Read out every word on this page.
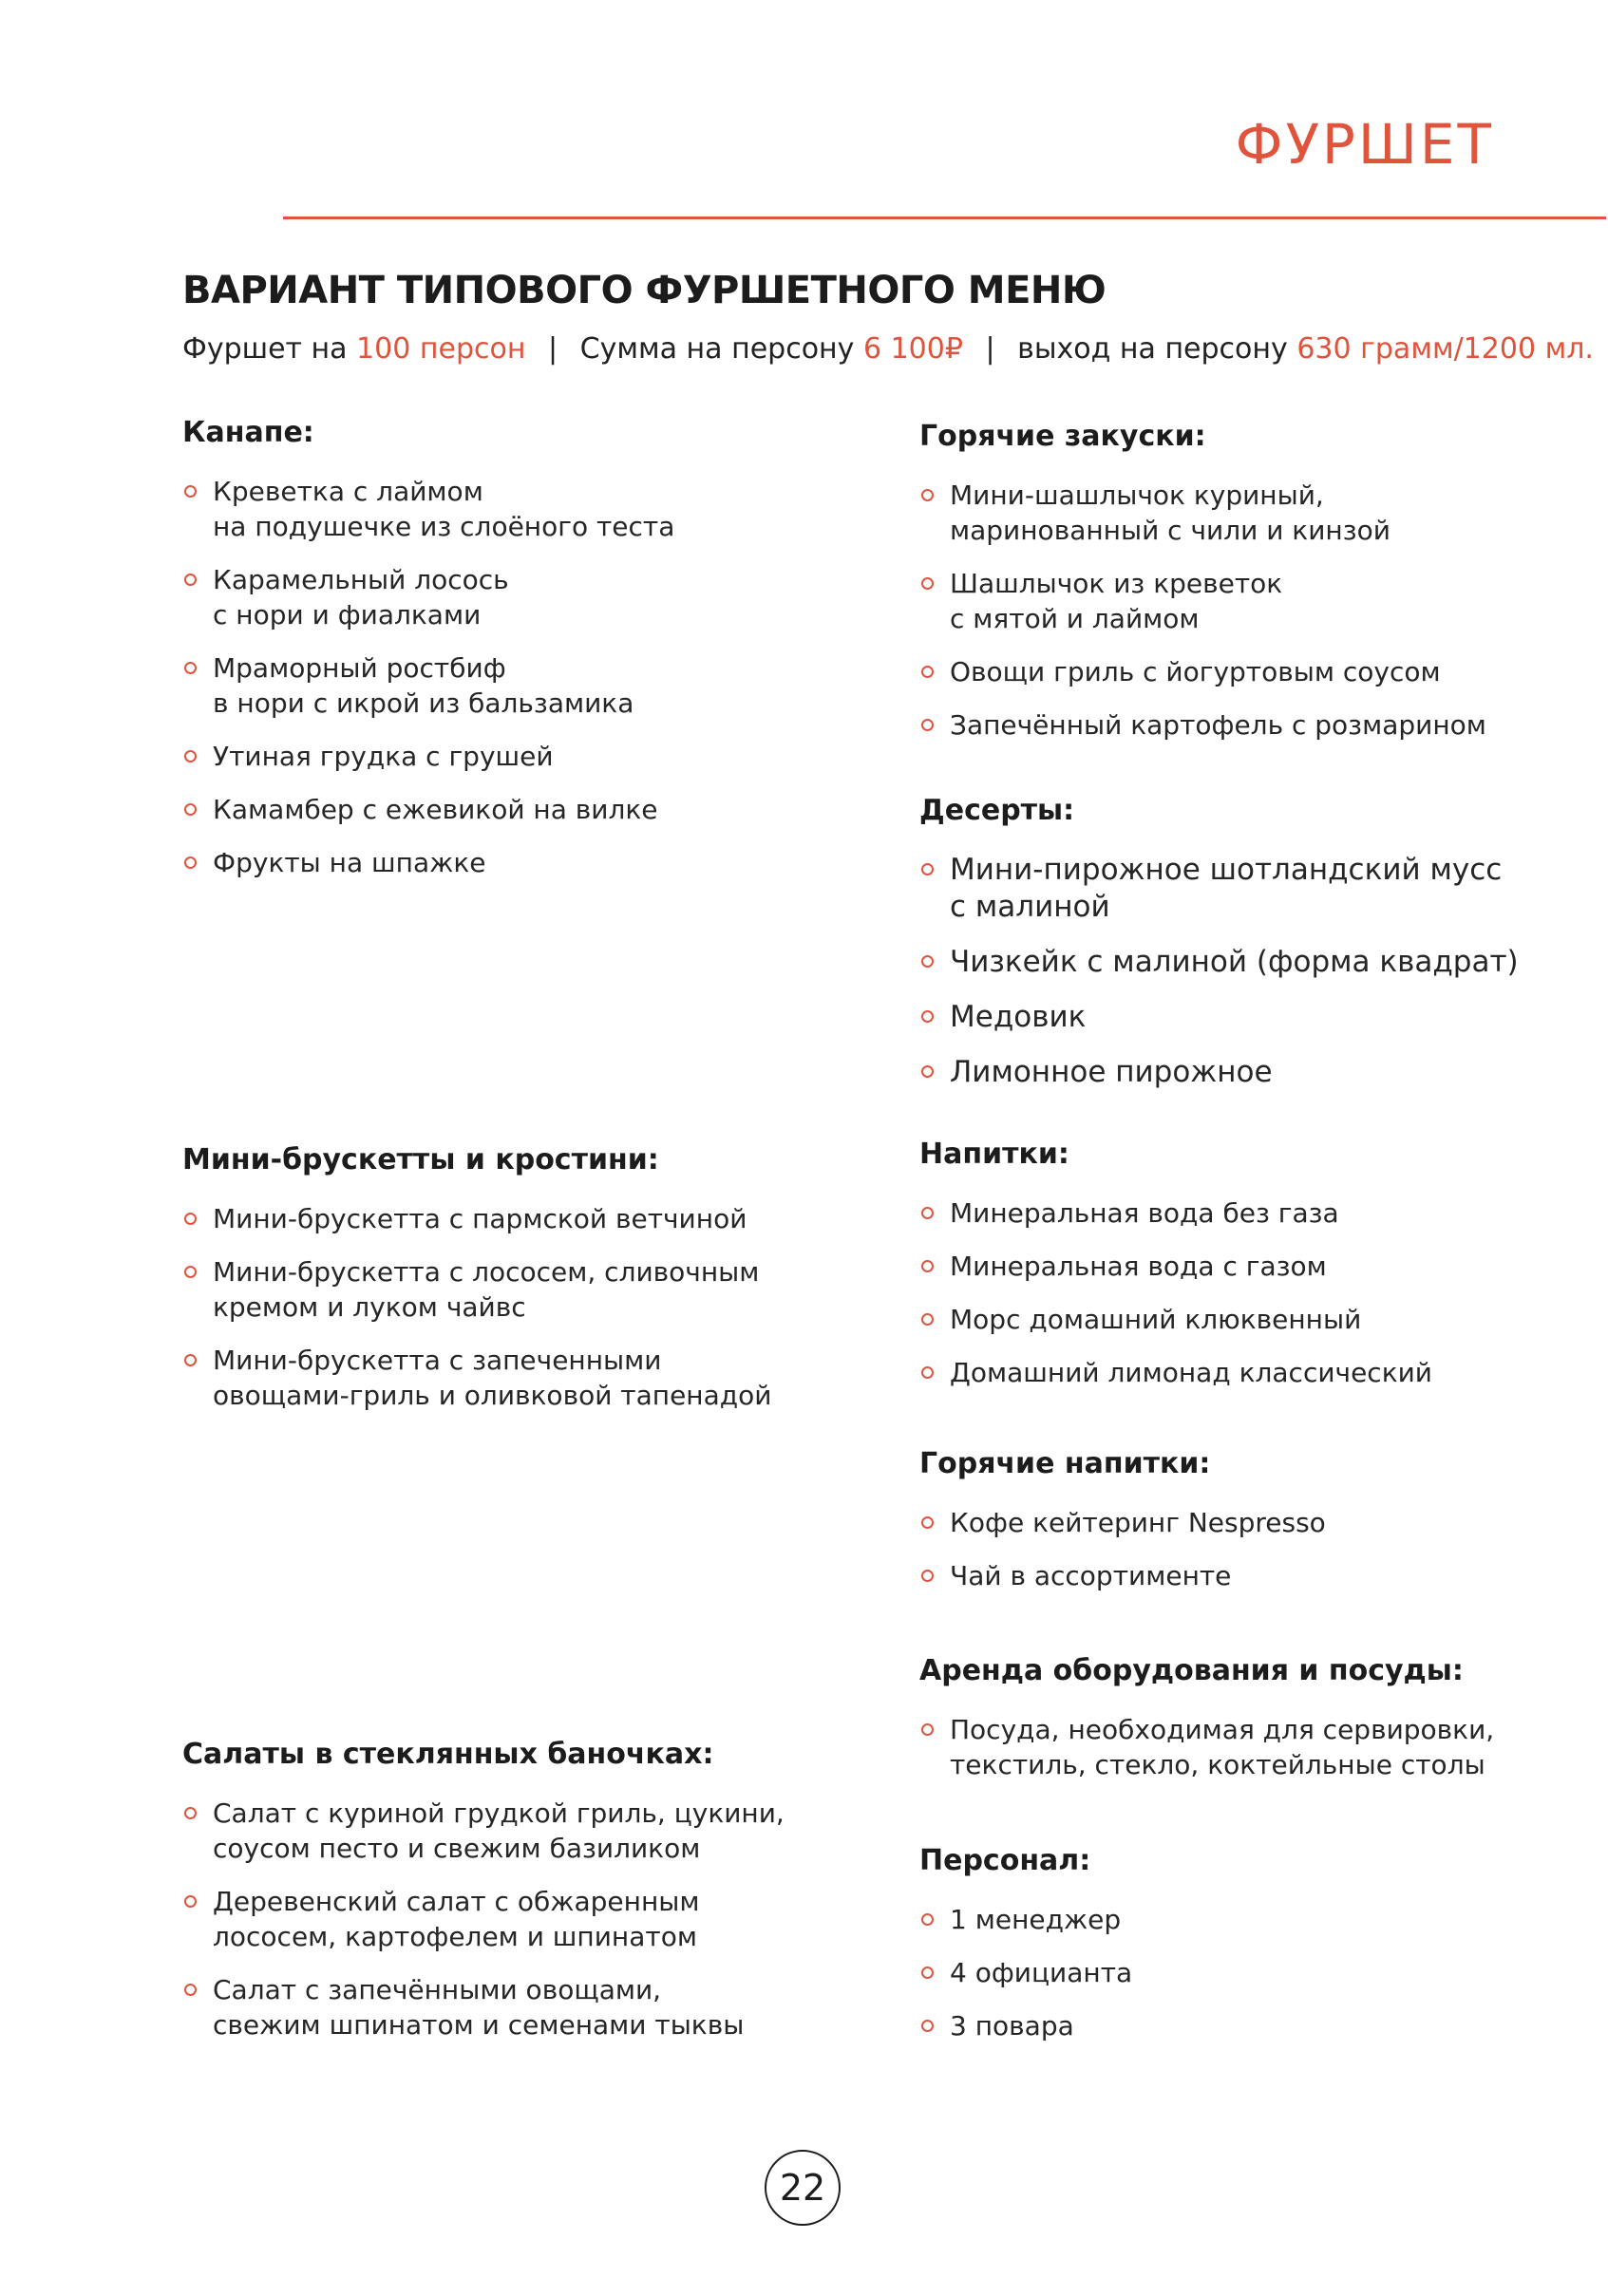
ФУРШЕТ
ВАРИАНТ ТИПОВОГО ФУРШЕТНОГО МЕНЮ
Фуршет на 100 персон | Сумма на персону 6 100₽ | выход на персону 630 грамм/1200 мл.
Канапе:
Креветка с лаймом
на подушечке из слоёного теста
Карамельный лосось
с нори и фиалками
Мраморный ростбиф
в нори с икрой из бальзамика
Утиная грудка с грушей
Камамбер с ежевикой на вилке
Фрукты на шпажке
Мини-брускетты и кростини:
Мини-брускетта с пармской ветчиной
Мини-брускетта с лососем, сливочным
кремом и луком чайвс
Мини-брускетта с запеченными
овощами-гриль и оливковой тапенадой
Салаты в стеклянных баночках:
Салат с куриной грудкой гриль, цукини,
соусом песто и свежим базиликом
Деревенский салат с обжаренным
лососем, картофелем и шпинатом
Салат с запечёнными овощами,
свежим шпинатом и семенами тыквы
Горячие закуски:
Мини-шашлычок куриный,
маринованный с чили и кинзой
Шашлычок из креветок
с мятой и лаймом
Овощи гриль с йогуртовым соусом
Запечённый картофель с розмарином
Десерты:
Мини-пирожное шотландский мусс
с малиной
Чизкейк с малиной (форма квадрат)
Медовик
Лимонное пирожное
Напитки:
Минеральная вода без газа
Минеральная вода с газом
Морс домашний клюквенный
Домашний лимонад классический
Горячие напитки:
Кофе кейтеринг Nespresso
Чай в ассортименте
Аренда оборудования и посуды:
Посуда, необходимая для сервировки,
текстиль, стекло, коктейльные столы
Персонал:
1 менеджер
4 официанта
3 повара
22
